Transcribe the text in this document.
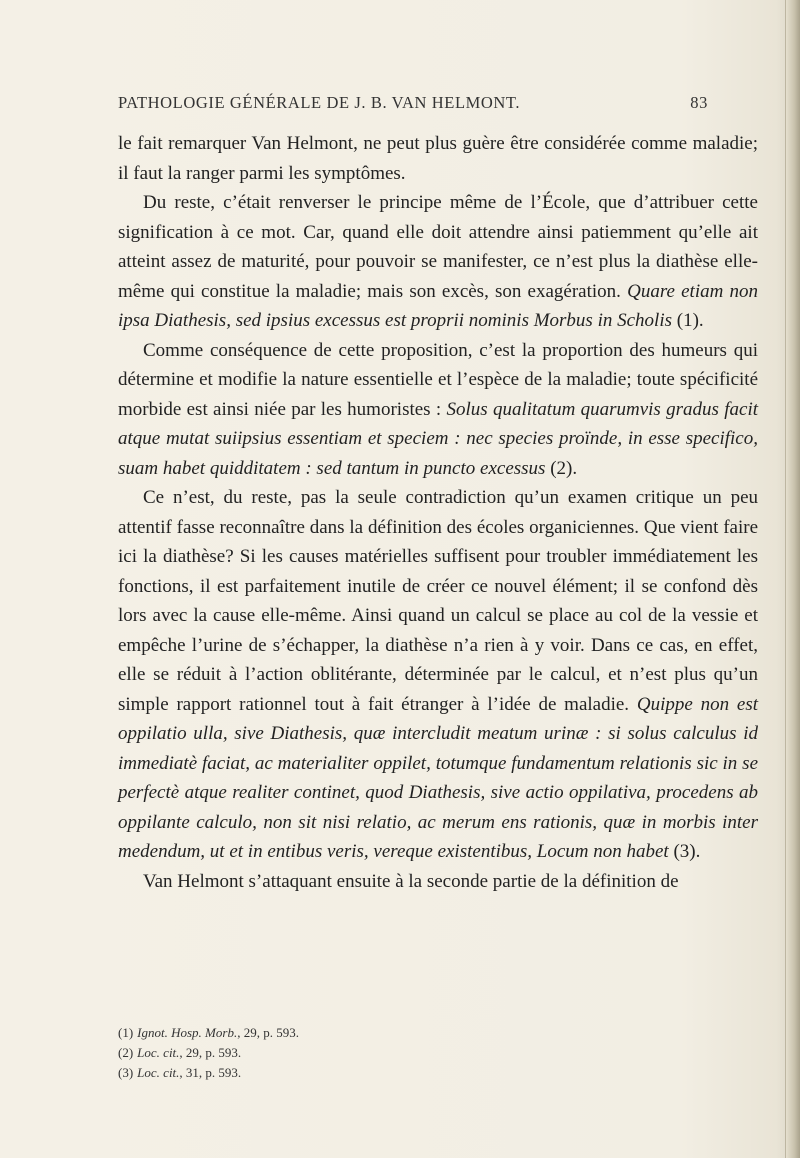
PATHOLOGIE GÉNÉRALE DE J. B. VAN HELMONT.	83

le fait remarquer Van Helmont, ne peut plus guère être considérée comme maladie; il faut la ranger parmi les symptômes.

Du reste, c’était renverser le principe même de l’École, que d’attribuer cette signification à ce mot. Car, quand elle doit attendre ainsi patiemment qu’elle ait atteint assez de maturité, pour pouvoir se manifester, ce n’est plus la diathèse elle-même qui constitue la maladie; mais son excès, son exagération. Quare etiam non ipsa Diathesis, sed ipsius excessus est proprii nominis Morbus in Scholis (1).

Comme conséquence de cette proposition, c’est la proportion des humeurs qui détermine et modifie la nature essentielle et l’espèce de la maladie; toute spécificité morbide est ainsi niée par les humoristes : Solus qualitatum quarumvis gradus facit atque mutat suiipsius essentiam et speciem : nec species proïnde, in esse specifico, suam habet quidditatem : sed tantum in puncto excessus (2).

Ce n’est, du reste, pas la seule contradiction qu’un examen critique un peu attentif fasse reconnaître dans la définition des écoles organiciennes. Que vient faire ici la diathèse? Si les causes matérielles suffisent pour troubler immédiatement les fonctions, il est parfaitement inutile de créer ce nouvel élément; il se confond dès lors avec la cause elle-même. Ainsi quand un calcul se place au col de la vessie et empêche l’urine de s’échapper, la diathèse n’a rien à y voir. Dans ce cas, en effet, elle se réduit à l’action oblitérante, déterminée par le calcul, et n’est plus qu’un simple rapport rationnel tout à fait étranger à l’idée de maladie. Quippe non est oppilatio ulla, sive Diathesis, quæ intercludit meatum urinæ : si solus calculus id immediatè faciat, ac materialiter oppilet, totumque fundamentum relationis sic in se perfectè atque realiter continet, quod Diathesis, sive actio oppilativa, procedens ab oppilante calculo, non sit nisi relatio, ac merum ens rationis, quæ in morbis inter medendum, ut et in entibus veris, vereque existentibus, Locum non habet (3).

Van Helmont s’attaquant ensuite à la seconde partie de la définition de

(1) Ignot. Hosp. Morb., 29, p. 593.
(2) Loc. cit., 29, p. 593.
(3) Loc. cit., 31, p. 593.
